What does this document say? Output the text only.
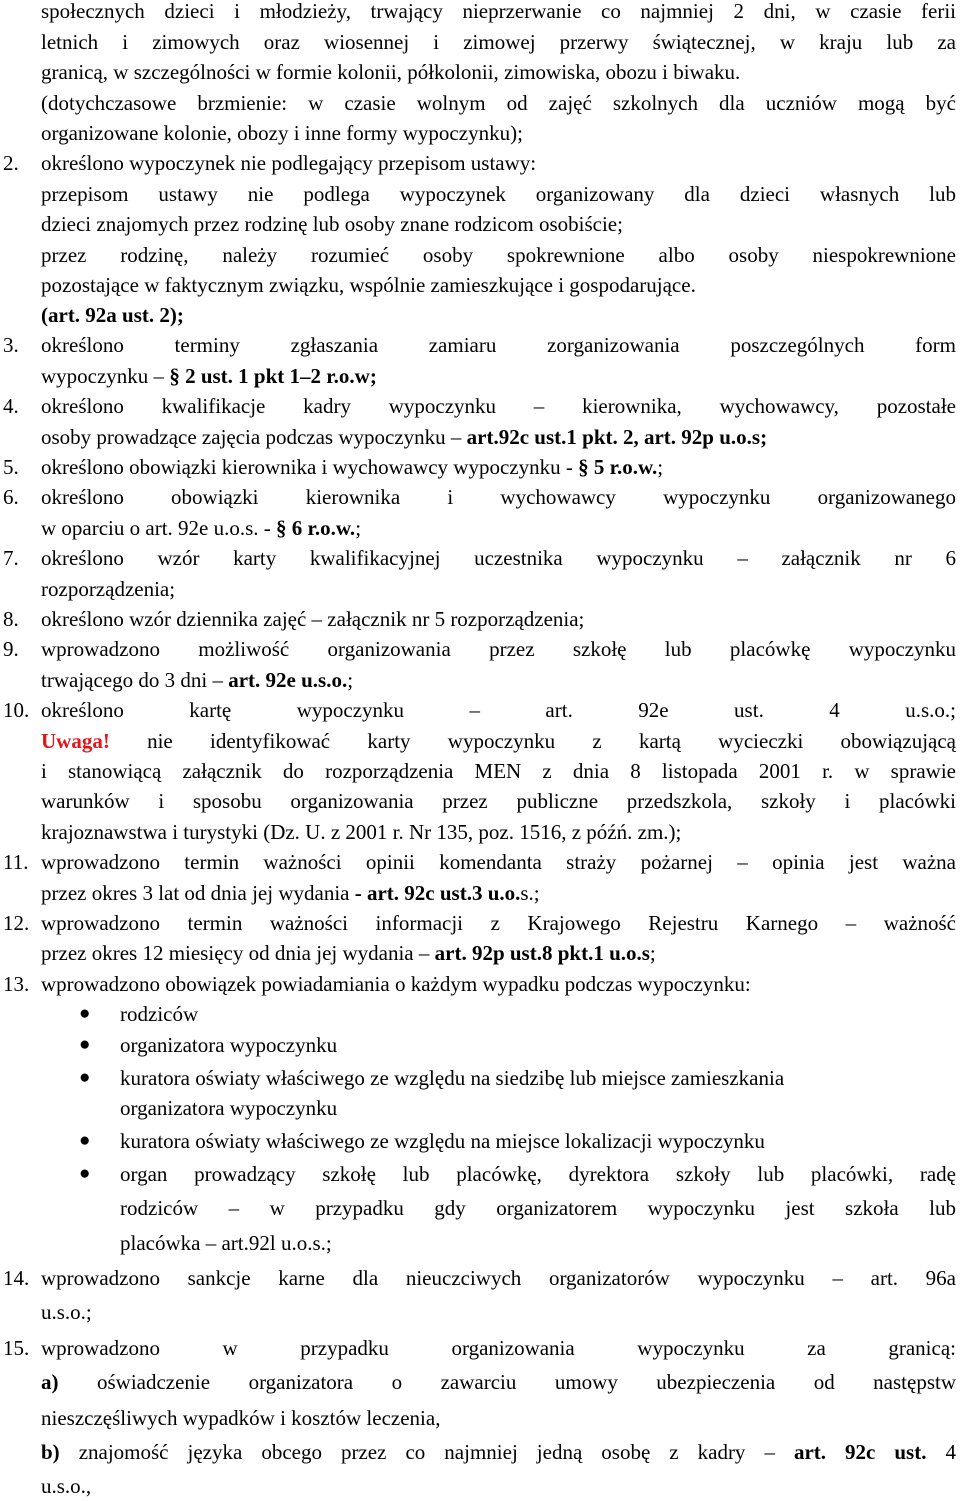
społecznych dzieci i młodzieży, trwający nieprzerwanie co najmniej 2 dni, w czasie ferii
letnich i zimowych oraz wiosennej i zimowej przerwy świątecznej, w kraju lub za
granicą, w szczególności w formie kolonii, półkolonii, zimowiska, obozu i biwaku.
(dotychczasowe brzmienie: w czasie wolnym od zajęć szkolnych dla uczniów mogą być
organizowane kolonie, obozy i inne formy wypoczynku);
2. określono wypoczynek nie podlegający przepisom ustawy:
przepisom ustawy nie podlega wypoczynek organizowany dla dzieci własnych lub
dzieci znajomych przez rodzinę lub osoby znane rodzicom osobiście;
przez rodzinę, należy rozumieć osoby spokrewnione albo osoby niespokrewnione
pozostające w faktycznym związku, wspólnie zamieszkujące i gospodarujące.
(art. 92a ust. 2);
3. określono terminy zgłaszania zamiaru zorganizowania poszczególnych form
wypoczynku – § 2 ust. 1 pkt 1–2 r.o.w;
4. określono kwalifikacje kadry wypoczynku – kierownika, wychowawcy, pozostałe
osoby prowadzące zajęcia podczas wypoczynku – art.92c ust.1 pkt. 2, art. 92p u.o.s;
5. określono obowiązki kierownika i wychowawcy wypoczynku - § 5 r.o.w.;
6. określono obowiązki kierownika i wychowawcy wypoczynku organizowanego
w oparciu o art. 92e u.o.s. - § 6 r.o.w.;
7. określono wzór karty kwalifikacyjnej uczestnika wypoczynku – załącznik nr 6
rozporządzenia;
8. określono wzór dziennika zajęć – załącznik nr 5 rozporządzenia;
9. wprowadzono możliwość organizowania przez szkołę lub placówkę wypoczynku
trwającego do 3 dni – art. 92e u.s.o.;
10. określono kartę wypoczynku – art. 92e ust. 4 u.s.o.;
Uwaga! nie identyfikować karty wypoczynku z kartą wycieczki obowiązującą
i stanowiącą załącznik do rozporządzenia MEN z dnia 8 listopada 2001 r. w sprawie
warunków i sposobu organizowania przez publiczne przedszkola, szkoły i placówki
krajoznawstwa i turystyki (Dz. U. z 2001 r. Nr 135, poz. 1516, z późń. zm.);
11. wprowadzono termin ważności opinii komendanta straży pożarnej – opinia jest ważna
przez okres 3 lat od dnia jej wydania - art. 92c ust.3 u.o.s.;
12. wprowadzono termin ważności informacji z Krajowego Rejestru Karnego – ważność
przez okres 12 miesięcy od dnia jej wydania – art. 92p ust.8 pkt.1 u.o.s;
13. wprowadzono obowiązek powiadamiania o każdym wypadku podczas wypoczynku:
● rodziców
● organizatora wypoczynku
● kuratora oświaty właściwego ze względu na siedzibę lub miejsce zamieszkania
organizatora wypoczynku
● kuratora oświaty właściwego ze względu na miejsce lokalizacji wypoczynku
● organ prowadzący szkołę lub placówkę, dyrektora szkoły lub placówki, radę
rodziców – w przypadku gdy organizatorem wypoczynku jest szkoła lub
placówka – art.92l u.o.s.;
14. wprowadzono sankcje karne dla nieuczciwych organizatorów wypoczynku – art. 96a
u.s.o.;
15. wprowadzono w przypadku organizowania wypoczynku za granicą:
a) oświadczenie organizatora o zawarciu umowy ubezpieczenia od następstw
nieszczęśliwych wypadków i kosztów leczenia,
b) znajomość języka obcego przez co najmniej jedną osobę z kadry – art. 92c ust. 4
u.s.o.,
